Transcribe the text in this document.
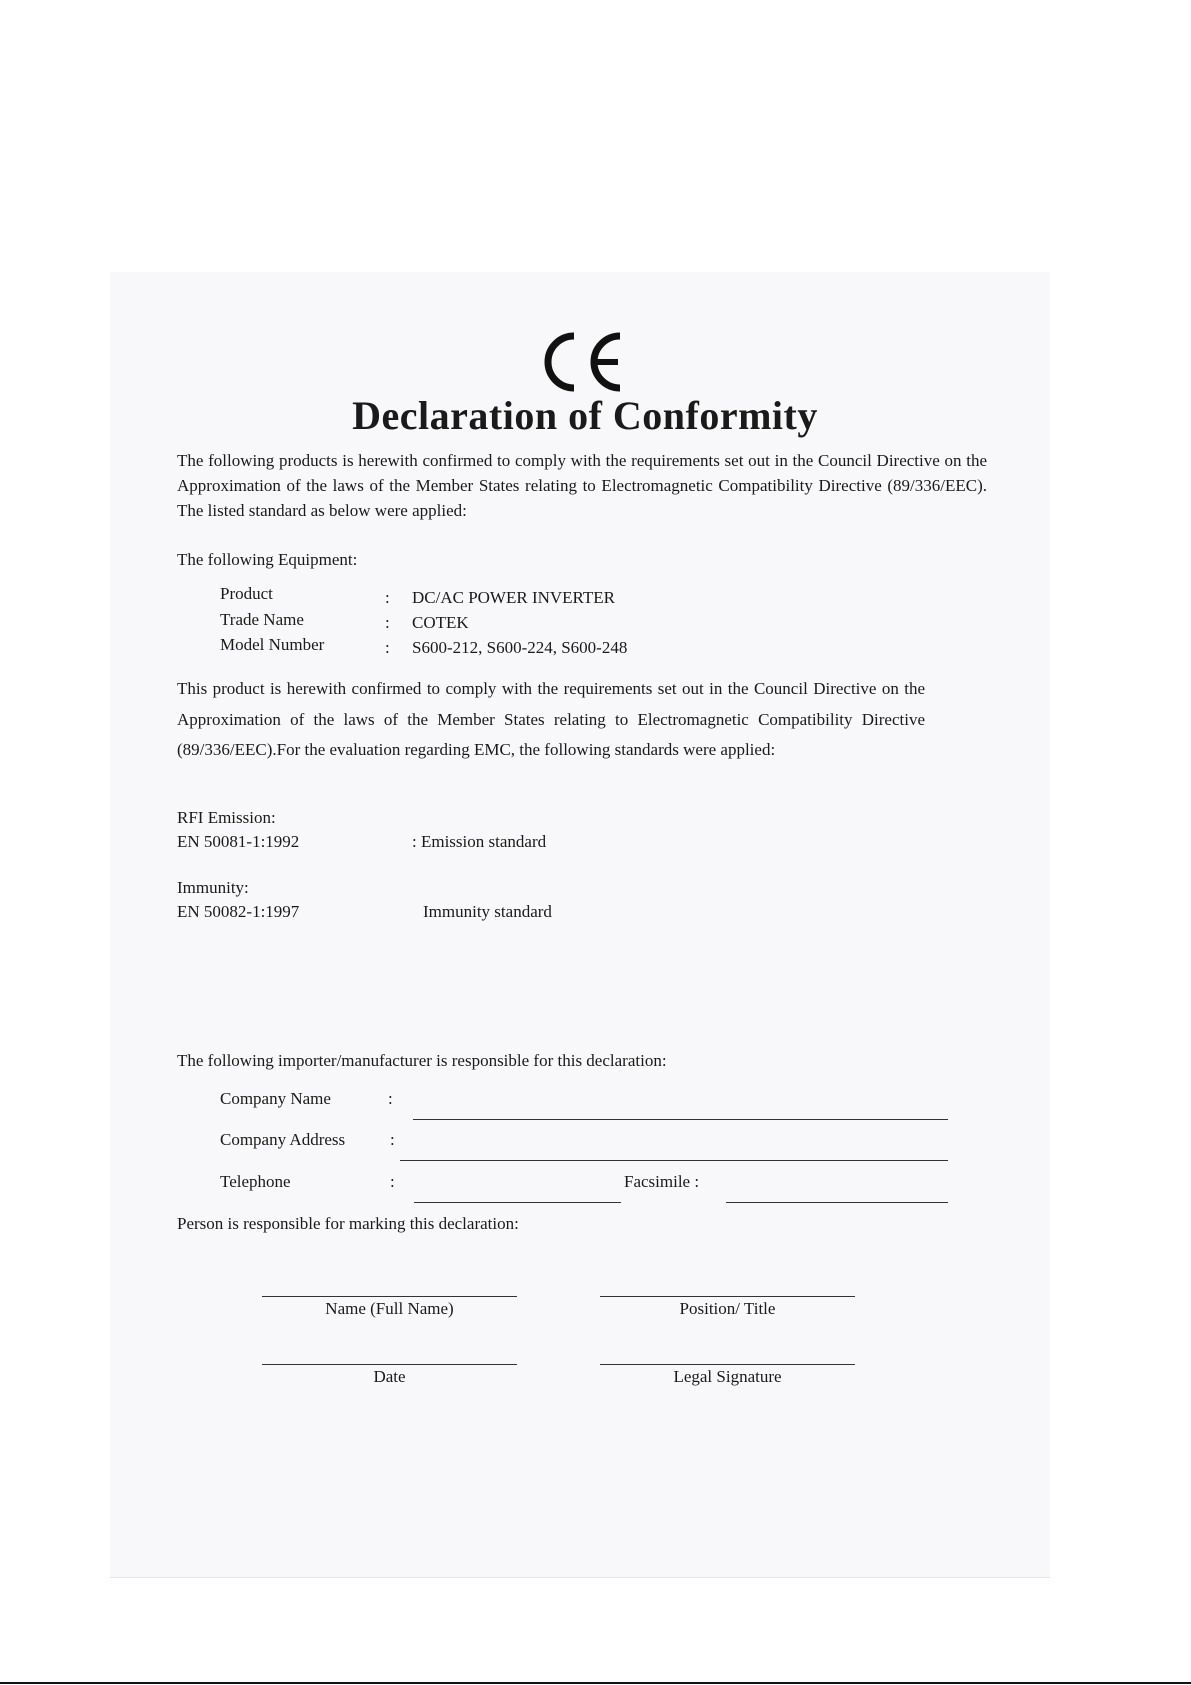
Declaration of Conformity
The following products is herewith confirmed to comply with the requirements set out in the Council Directive on the Approximation of the laws of the Member States relating to Electromagnetic Compatibility Directive (89/336/EEC). The listed standard as below were applied:
The following Equipment:
Product	: DC/AC POWER INVERTER
Trade Name	: COTEK
Model Number	: S600-212, S600-224, S600-248
This product is herewith confirmed to comply with the requirements set out in the Council Directive on the Approximation of the laws of the Member States relating to Electromagnetic Compatibility Directive (89/336/EEC).For the evaluation regarding EMC, the following standards were applied:
RFI Emission:
EN 50081-1:1992	: Emission standard
Immunity:
EN 50082-1:1997	Immunity standard
The following importer/manufacturer is responsible for this declaration:
Company Name	:
Company Address	:
Telephone	:	Facsimile :
Person is responsible for marking this declaration:
Name (Full Name)	Position/ Title
Date	Legal Signature
